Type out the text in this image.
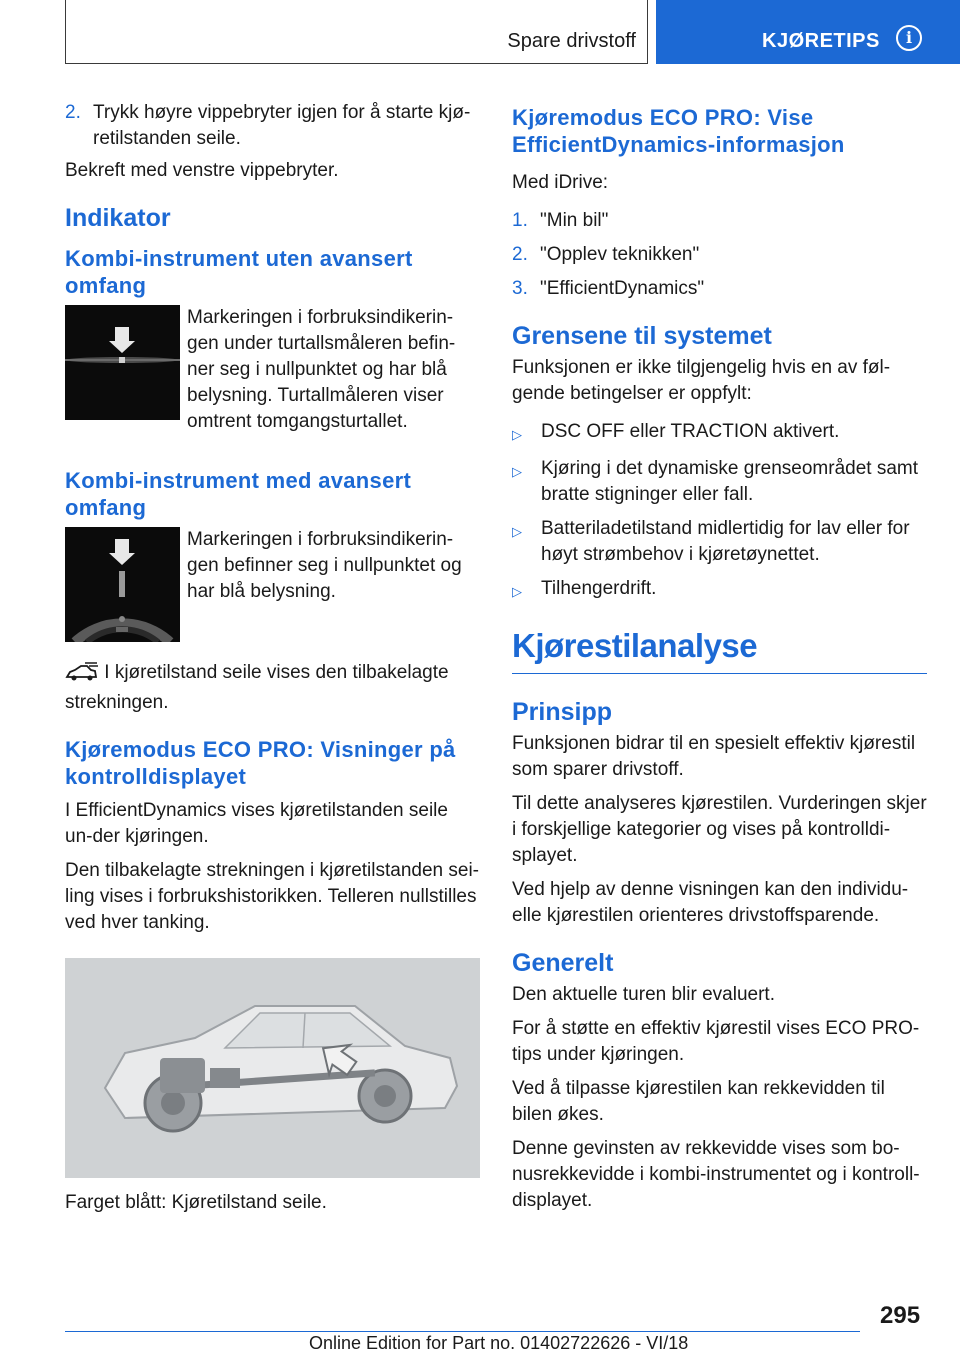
Spare drivstoff	KJØRETIPS	i
2. Trykk høyre vippebryter igjen for å starte kjø-retilstanden seile.

Bekreft med venstre vippebryter.

Indikator
Kombi-instrument uten avansert omfang

Markeringen i forbruksindikerin-gen under turtallsmåleren befin-ner seg i nullpunktet og har blå belysning. Turtallmåleren viser omtrent tomgangsturtallet.

Kombi-instrument med avansert omfang

Markeringen i forbruksindikerin-gen befinner seg i nullpunktet og har blå belysning.

I kjøretilstand seile vises den tilbakelagte strekningen.

Kjøremodus ECO PRO: Visninger på kontrolldisplayet

I EfficientDynamics vises kjøretilstanden seile un-der kjøringen.

Den tilbakelagte strekningen i kjøretilstanden sei-ling vises i forbrukshistorikken. Telleren nullstilles ved hver tanking.

Farget blått: Kjøretilstand seile.

Kjøremodus ECO PRO: Vise EfficientDynamics-informasjon

Med iDrive:

1. "Min bil"
2. "Opplev teknikken"
3. "EfficientDynamics"
Grensene til systemet

Funksjonen er ikke tilgjengelig hvis en av føl-gende betingelser er oppfylt:

▷	DSC OFF eller TRACTION aktivert.
▷	Kjøring i det dynamiske grenseområdet samt bratte stigninger eller fall.
▷	Batteriladetilstand midlertidig for lav eller for høyt strømbehov i kjøretøynettet.
▷	Tilhengerdrift.
Kjørestilanalyse
Prinsipp

Funksjonen bidrar til en spesielt effektiv kjørestil som sparer drivstoff.

Til dette analyseres kjørestilen. Vurderingen skjer i forskjellige kategorier og vises på kontrolldi-splayet.

Ved hjelp av denne visningen kan den individu-elle kjørestilen orienteres drivstoffsparende.

Generelt

Den aktuelle turen blir evaluert.

For å støtte en effektiv kjørestil vises ECO PRO-tips under kjøringen.

Ved å tilpasse kjørestilen kan rekkevidden til bilen økes.

Denne gevinsten av rekkevidde vises som bo-nusrekkevidde i kombi-instrumentet og i kontroll-displayet.

295
Online Edition for Part no. 01402722626 - VI/18
